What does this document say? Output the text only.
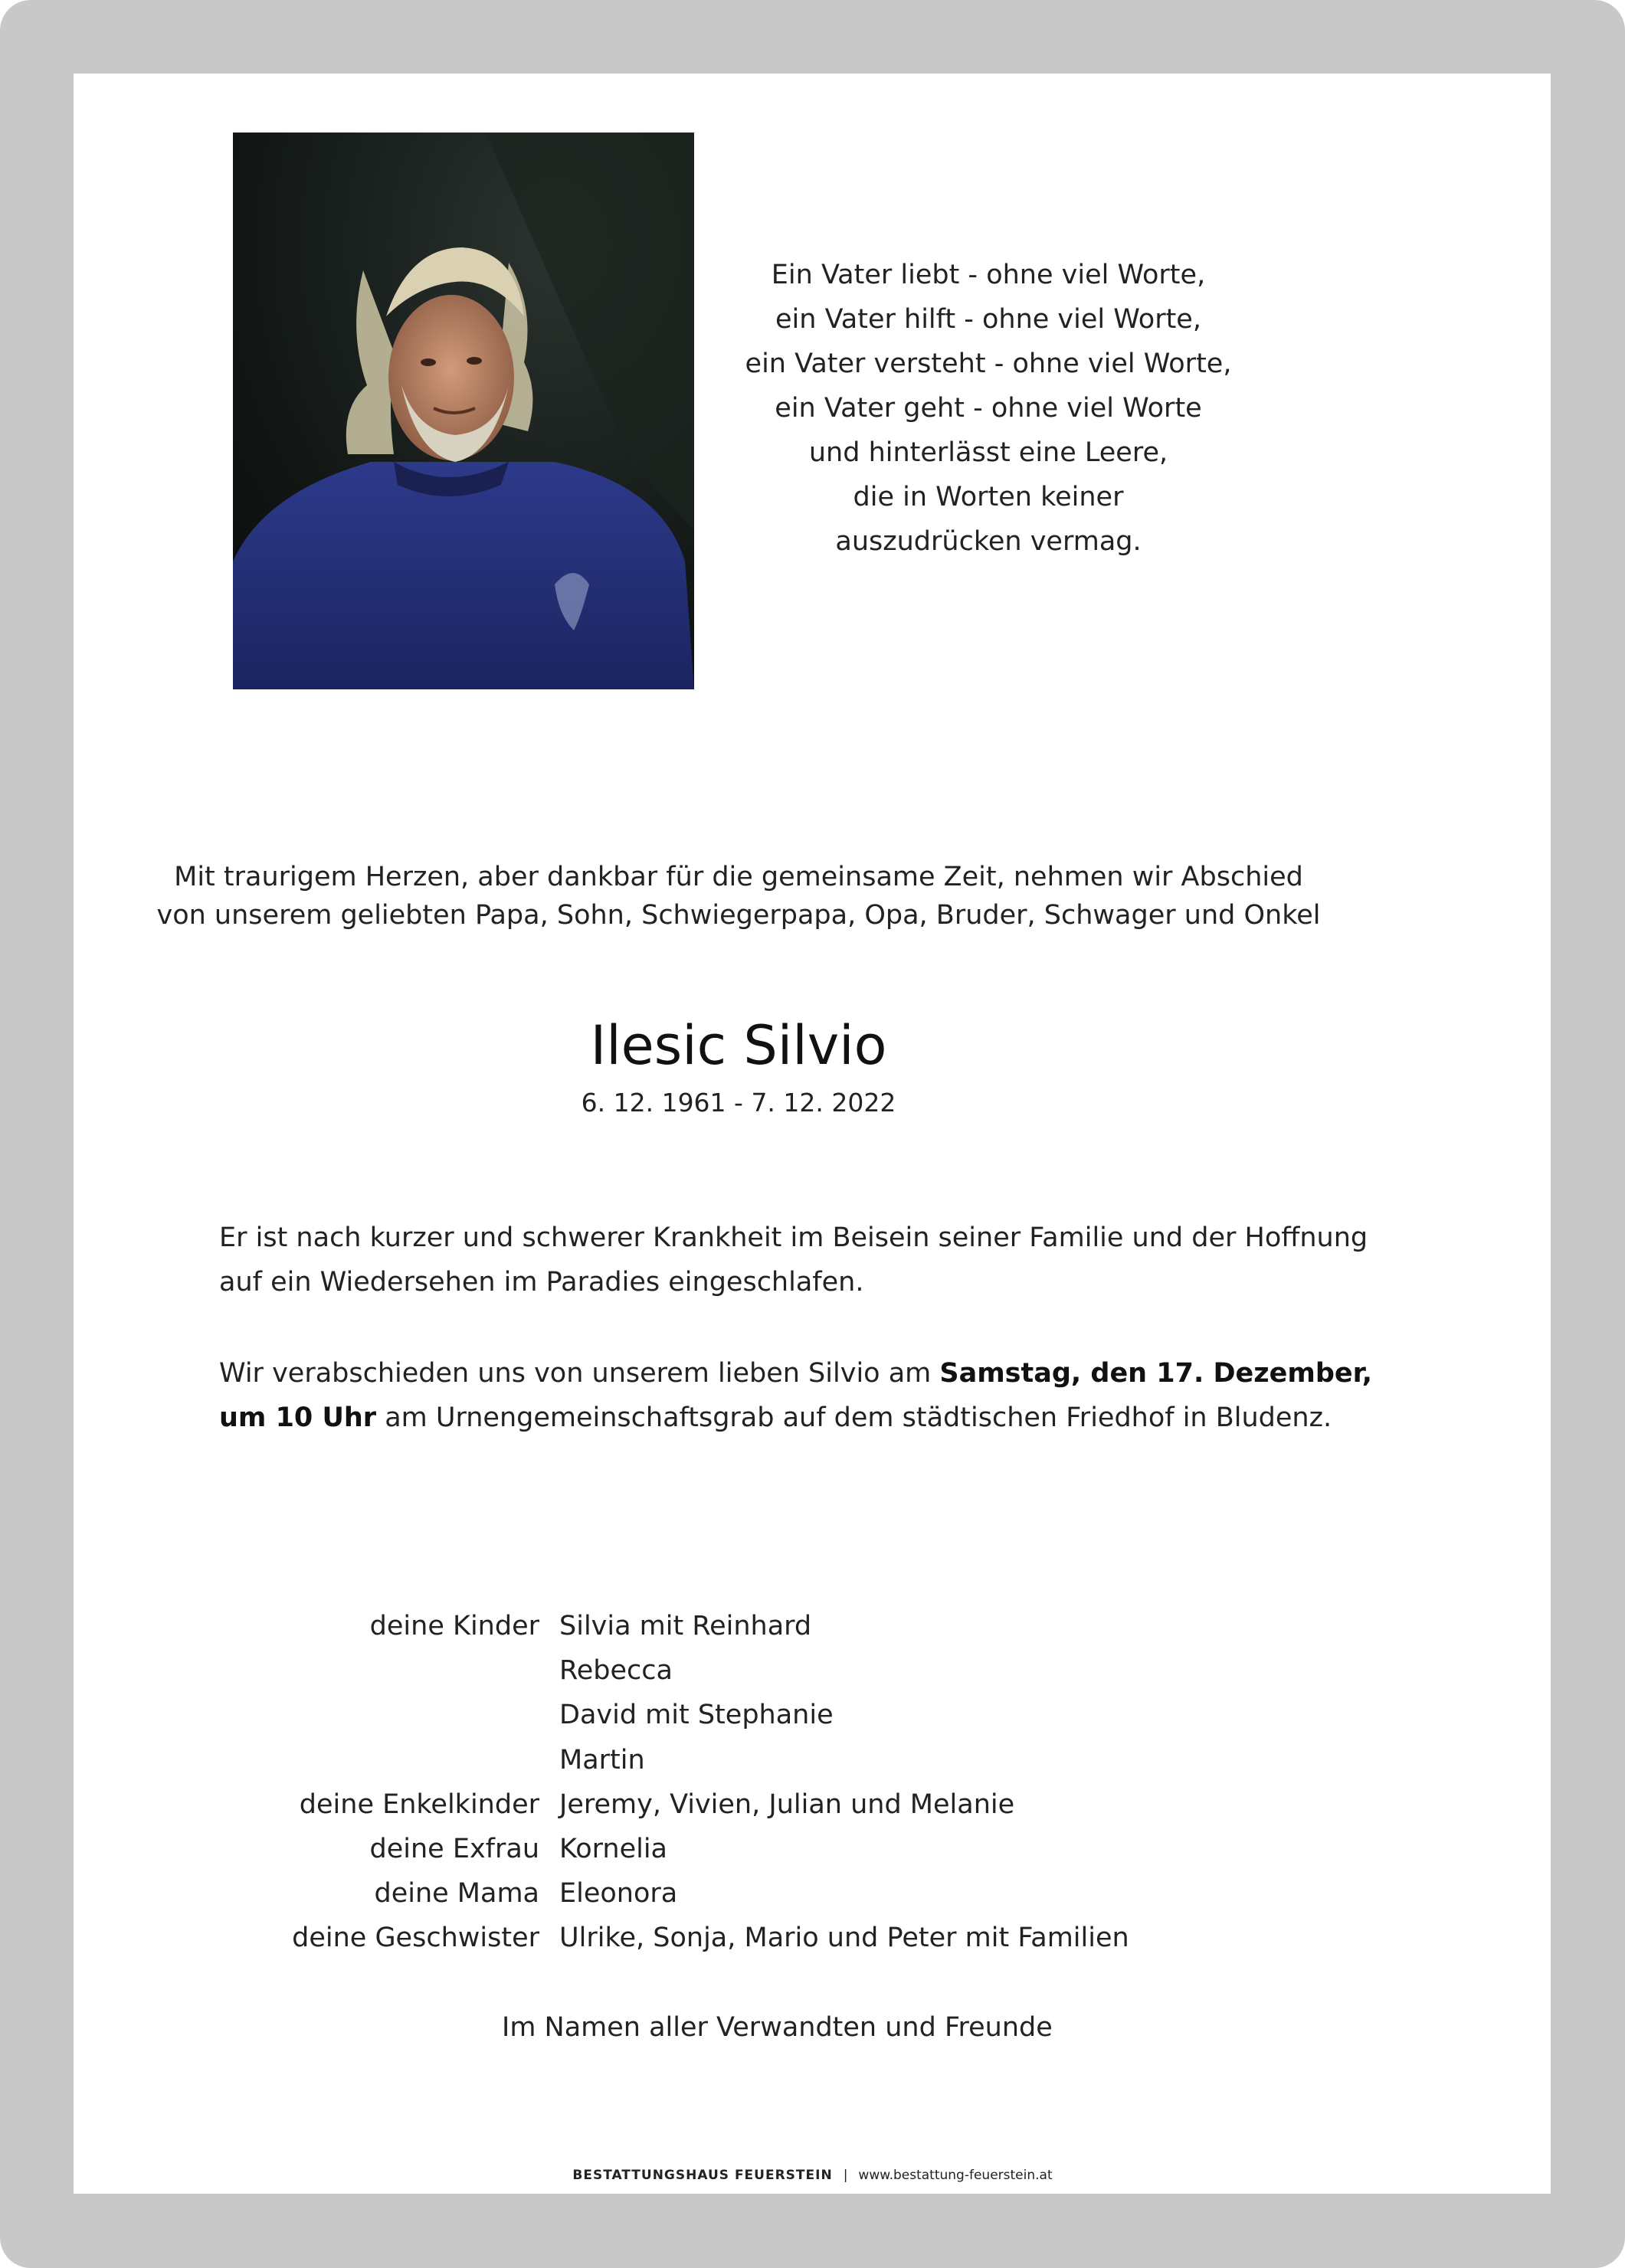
Ein Vater liebt - ohne viel Worte,
ein Vater hilft - ohne viel Worte,
ein Vater versteht - ohne viel Worte,
ein Vater geht - ohne viel Worte
und hinterlässt eine Leere,
die in Worten keiner
auszudrücken vermag.
Mit traurigem Herzen, aber dankbar für die gemeinsame Zeit, nehmen wir Abschied
von unserem geliebten Papa, Sohn, Schwiegerpapa, Opa, Bruder, Schwager und Onkel
Ilesic Silvio
6. 12. 1961 - 7. 12. 2022
Er ist nach kurzer und schwerer Krankheit im Beisein seiner Familie und der Hoffnung
auf ein Wiedersehen im Paradies eingeschlafen.
Wir verabschieden uns von unserem lieben Silvio am Samstag, den 17. Dezember,
um 10 Uhr am Urnengemeinschaftsgrab auf dem städtischen Friedhof in Bludenz.
deine Kinder Silvia mit Reinhard
Rebecca
David mit Stephanie
Martin
deine Enkelkinder Jeremy, Vivien, Julian und Melanie
deine Exfrau Kornelia
deine Mama Eleonora
deine Geschwister Ulrike, Sonja, Mario und Peter mit Familien
Im Namen aller Verwandten und Freunde
BESTATTUNGSHAUS FEUERSTEIN | www.bestattung-feuerstein.at
